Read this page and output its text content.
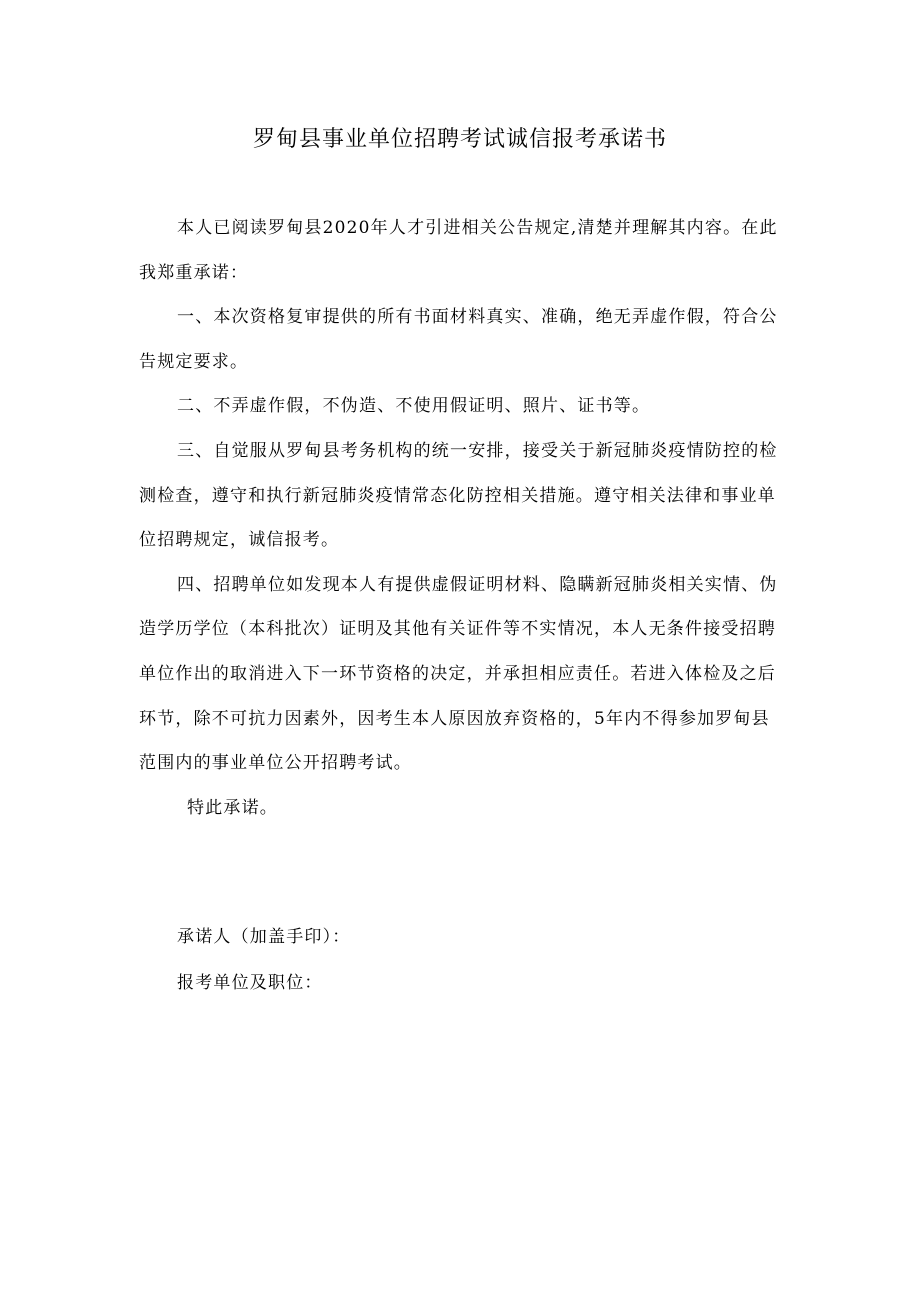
罗甸县事业单位招聘考试诚信报考承诺书

本人已阅读罗甸县2020年人才引进相关公告规定,清楚并理解其内容。在此我郑重承诺：

一、本次资格复审提供的所有书面材料真实、准确，绝无弄虚作假，符合公告规定要求。

二、不弄虚作假，不伪造、不使用假证明、照片、证书等。

三、自觉服从罗甸县考务机构的统一安排，接受关于新冠肺炎疫情防控的检测检查，遵守和执行新冠肺炎疫情常态化防控相关措施。遵守相关法律和事业单位招聘规定，诚信报考。

四、招聘单位如发现本人有提供虚假证明材料、隐瞒新冠肺炎相关实情、伪造学历学位（本科批次）证明及其他有关证件等不实情况，本人无条件接受招聘单位作出的取消进入下一环节资格的决定，并承担相应责任。若进入体检及之后环节，除不可抗力因素外，因考生本人原因放弃资格的，5年内不得参加罗甸县范围内的事业单位公开招聘考试。

特此承诺。

承诺人（加盖手印）：
报考单位及职位：
